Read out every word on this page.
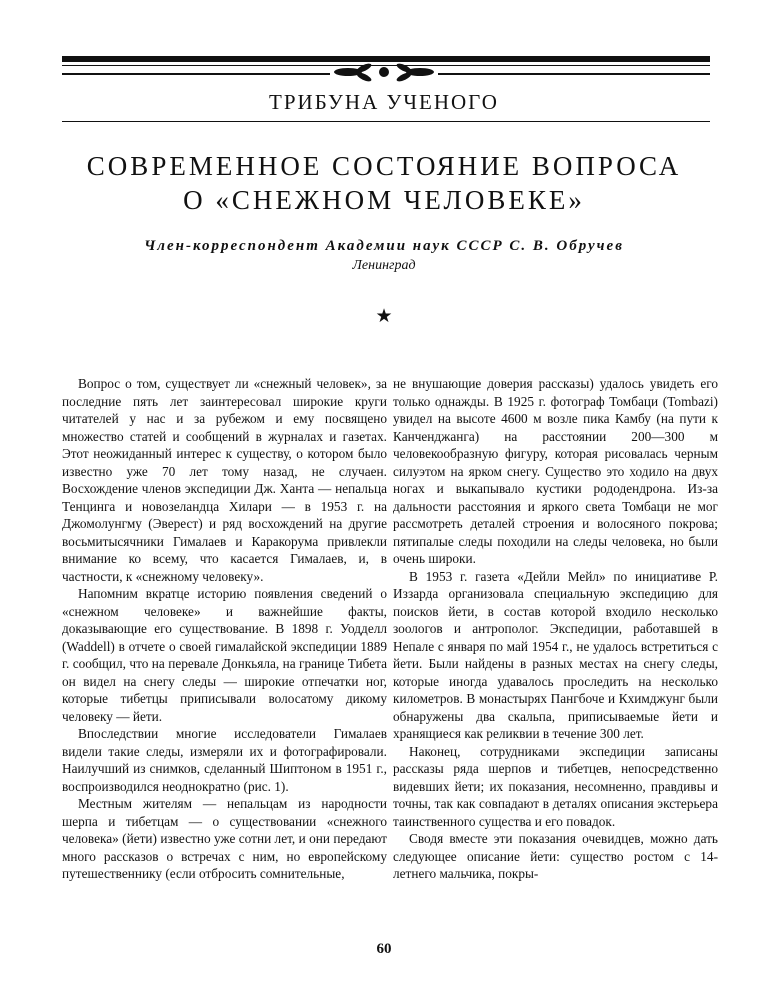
ТРИБУНА УЧЕНОГО
СОВРЕМЕННОЕ СОСТОЯНИЕ ВОПРОСА
О «СНЕЖНОМ ЧЕЛОВЕКЕ»
Член-корреспондент Академии наук СССР С. В. Обручев
Ленинград
★

Вопрос о том, существует ли «снежный человек», за последние пять лет заинтересовал широкие круги читателей у нас и за рубежом и ему посвящено множество статей и сообщений в журналах и газетах. Этот неожиданный интерес к существу, о котором было известно уже 70 лет тому назад, не случаен. Восхождение членов экспедиции Дж. Ханта — непальца Тенцинга и новозеландца Хилари — в 1953 г. на Джомолунгму (Эверест) и ряд восхождений на другие восьмитысячники Гималаев и Каракорума привлекли внимание ко всему, что касается Гималаев, и, в частности, к «снежному человеку».

Напомним вкратце историю появления сведений о «снежном человеке» и важнейшие факты, доказывающие его существование. В 1898 г. Уодделл (Waddell) в отчете о своей гималайской экспедиции 1889 г. сообщил, что на перевале Донкьяла, на границе Тибета он видел на снегу следы — широкие отпечатки ног, которые тибетцы приписывали волосатому дикому человеку — йети.

Впоследствии многие исследователи Гималаев видели такие следы, измеряли их и фотографировали. Наилучший из снимков, сделанный Шиптоном в 1951 г., воспроизводился неоднократно (рис. 1).

Местным жителям — непальцам из народности шерпа и тибетцам — о существовании «снежного человека» (йети) известно уже сотни лет, и они передают много рассказов о встречах с ним, но европейскому путешественнику (если отбросить сомнительные,

не внушающие доверия рассказы) удалось увидеть его только однажды. В 1925 г. фотограф Томбаци (Tombazi) увидел на высоте 4600 м возле пика Камбу (на пути к Канченджанга) на расстоянии 200—300 м человекообразную фигуру, которая рисовалась черным силуэтом на ярком снегу. Существо это ходило на двух ногах и выкапывало кустики рододендрона. Из-за дальности расстояния и яркого света Томбаци не мог рассмотреть деталей строения и волосяного покрова; пятипалые следы походили на следы человека, но были очень широки.

В 1953 г. газета «Дейли Мейл» по инициативе Р. Иззарда организовала специальную экспедицию для поисков йети, в состав которой входило несколько зоологов и антрополог. Экспедиции, работавшей в Непале с января по май 1954 г., не удалось встретиться с йети. Были найдены в разных местах на снегу следы, которые иногда удавалось проследить на несколько километров. В монастырях Пангбоче и Кхимджунг были обнаружены два скальпа, приписываемые йети и хранящиеся как реликвии в течение 300 лет.

Наконец, сотрудниками экспедиции записаны рассказы ряда шерпов и тибетцев, непосредственно видевших йети; их показания, несомненно, правдивы и точны, так как совпадают в деталях описания экстерьера таинственного существа и его повадок.

Сводя вместе эти показания очевидцев, можно дать следующее описание йети: существо ростом с 14-летнего мальчика, покры-

60
